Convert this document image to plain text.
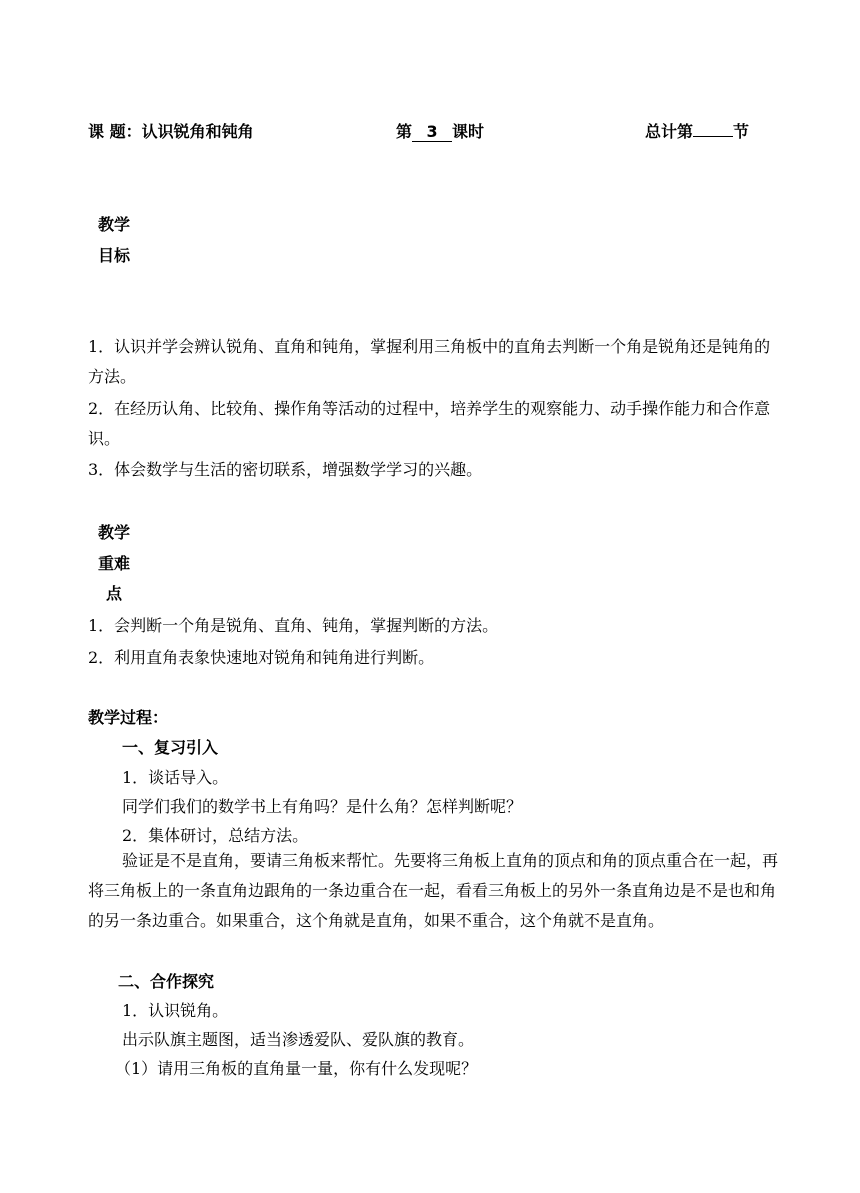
课 题：认识锐角和钝角	第 3 课时	总计第	节
教学
目标
1．认识并学会辨认锐角、直角和钝角，掌握利用三角板中的直角去判断一个角是锐角还是钝角的方法。
2．在经历认角、比较角、操作角等活动的过程中，培养学生的观察能力、动手操作能力和合作意识。
3．体会数学与生活的密切联系，增强数学学习的兴趣。
教学
重难
点
1．会判断一个角是锐角、直角、钝角，掌握判断的方法。
2．利用直角表象快速地对锐角和钝角进行判断。
教学过程：
一、复习引入
1．谈话导入。
同学们我们的数学书上有角吗？是什么角？怎样判断呢？
2．集体研讨，总结方法。
验证是不是直角，要请三角板来帮忙。先要将三角板上直角的顶点和角的顶点重合在一起，再将三角板上的一条直角边跟角的一条边重合在一起，看看三角板上的另外一条直角边是不是也和角的另一条边重合。如果重合，这个角就是直角，如果不重合，这个角就不是直角。
二、合作探究
1．认识锐角。
出示队旗主题图，适当渗透爱队、爱队旗的教育。
（1）请用三角板的直角量一量，你有什么发现呢？
